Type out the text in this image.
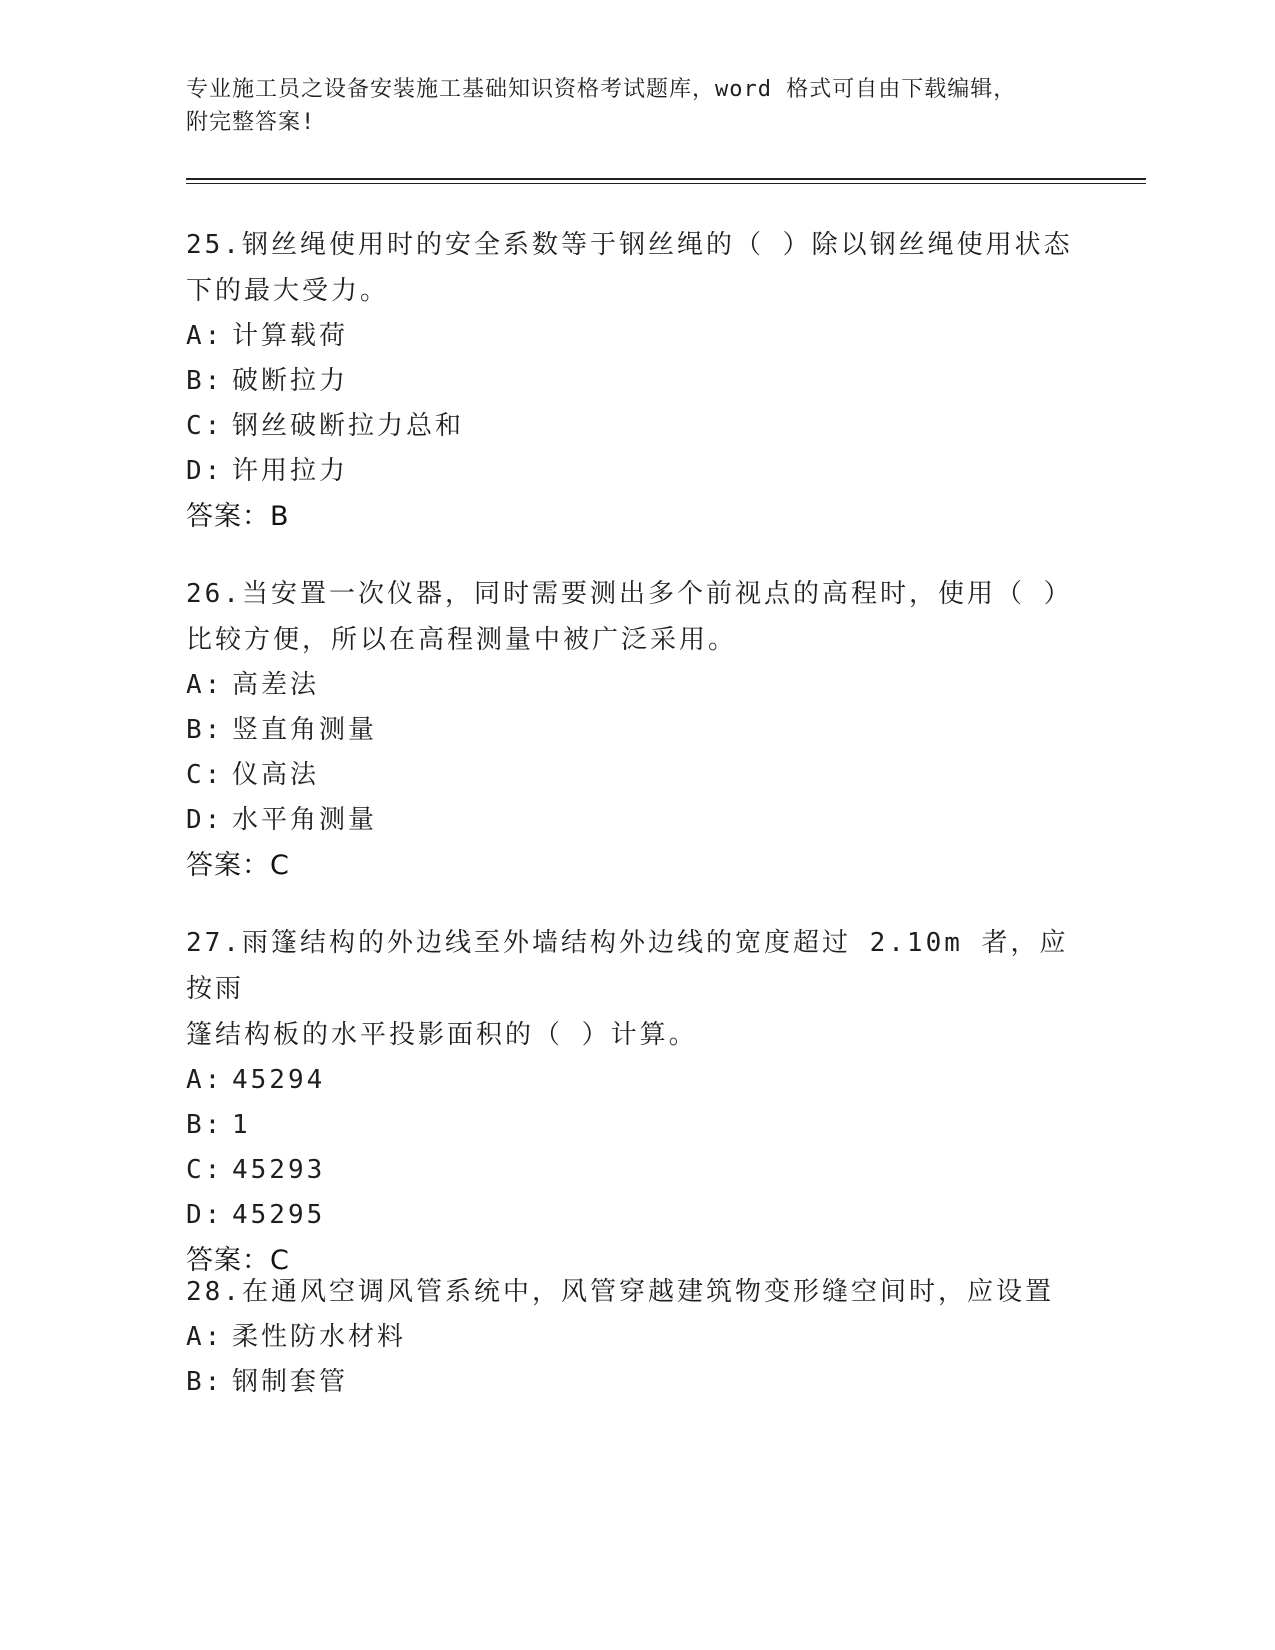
专业施工员之设备安装施工基础知识资格考试题库，word 格式可自由下载编辑，
附完整答案!

25.钢丝绳使用时的安全系数等于钢丝绳的（ ）除以钢丝绳使用状态
下的最大受力。

A: 计算载荷

B: 破断拉力

C: 钢丝破断拉力总和

D: 许用拉力

答案：B

26.当安置一次仪器，同时需要测出多个前视点的高程时，使用（ ）
比较方便，所以在高程测量中被广泛采用。

A: 高差法

B: 竖直角测量

C: 仪高法

D: 水平角测量

答案：C

27.雨篷结构的外边线至外墙结构外边线的宽度超过 2.10m 者，应按雨
篷结构板的水平投影面积的（ ）计算。

A: 45294

B: 1

C: 45293

D: 45295

答案：C

28.在通风空调风管系统中，风管穿越建筑物变形缝空间时，应设置

A: 柔性防水材料

B: 钢制套管
